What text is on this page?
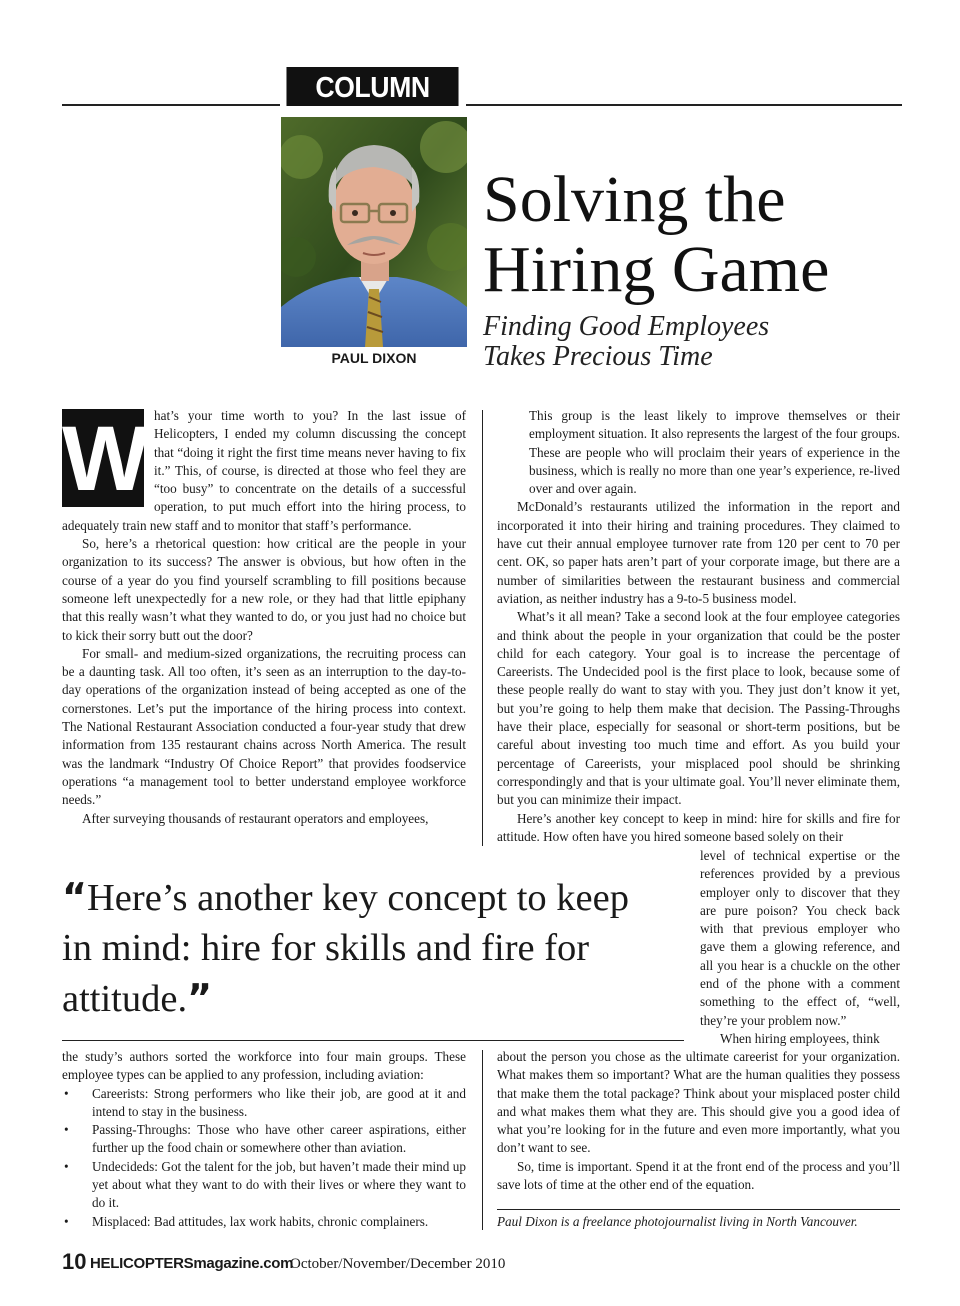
COLUMN
PAUL DIXON
Solving the
Hiring Game
Finding Good Employees
Takes Precious Time
W hat’s your time worth to you? In the last issue of Helicopters, I ended my column discussing the concept that “doing it right the first time means never having to fix it.” This, of course, is directed at those who feel they are “too busy” to concentrate on the details of a successful operation, to put much effort into the hiring process, to adequately train new staff and to monitor that staff’s performance.

So, here’s a rhetorical question: how critical are the people in your organization to its success? The answer is obvious, but how often in the course of a year do you find yourself scrambling to fill positions because someone left unexpectedly for a new role, or they had that little epiphany that this really wasn’t what they wanted to do, or you just had no choice but to kick their sorry butt out the door?

For small- and medium-sized organizations, the recruiting process can be a daunting task. All too often, it’s seen as an interruption to the day-to-day operations of the organization instead of being accepted as one of the cornerstones. Let’s put the importance of the hiring process into context. The National Restaurant Association conducted a four-year study that drew information from 135 restaurant chains across North America. The result was the landmark “Industry Of Choice Report” that provides foodservice operations “a management tool to better understand employee workforce needs.”

After surveying thousands of restaurant operators and employees,

This group is the least likely to improve themselves or their employment situation. It also represents the largest of the four groups. These are people who will proclaim their years of experience in the business, which is really no more than one year’s experience, re-lived over and over again.

McDonald’s restaurants utilized the information in the report and incorporated it into their hiring and training procedures. They claimed to have cut their annual employee turnover rate from 120 per cent to 70 per cent. OK, so paper hats aren’t part of your corporate image, but there are a number of similarities between the restaurant business and commercial aviation, as neither industry has a 9-to-5 business model.

What’s it all mean? Take a second look at the four employee categories and think about the people in your organization that could be the poster child for each category. Your goal is to increase the percentage of Careerists. The Undecided pool is the first place to look, because some of these people really do want to stay with you. They just don’t know it yet, but you’re going to help them make that decision. The Passing-Throughs have their place, especially for seasonal or short-term positions, but be careful about investing too much time and effort. As you build your percentage of Careerists, your misplaced pool should be shrinking correspondingly and that is your ultimate goal. You’ll never eliminate them, but you can minimize their impact.

Here’s another key concept to keep in mind: hire for skills and fire for attitude. How often have you hired someone based solely on their

level of technical expertise or the references provided by a previous employer only to discover that they are pure poison? You check back with that previous employer who gave them a glowing reference, and all you hear is a chuckle on the other end of the phone with a comment something to the effect of, “well, they’re your problem now.”

When hiring employees, think

“Here’s another key concept to keep in mind: hire for skills and fire for attitude.”

the study’s authors sorted the workforce into four main groups. These employee types can be applied to any profession, including aviation:

• Careerists: Strong performers who like their job, are good at it and intend to stay in the business.
• Passing-Throughs: Those who have other career aspirations, either further up the food chain or somewhere other than aviation.
• Undecideds: Got the talent for the job, but haven’t made their mind up yet about what they want to do with their lives or where they want to do it.
• Misplaced: Bad attitudes, lax work habits, chronic complainers.

about the person you chose as the ultimate careerist for your organization. What makes them so important? What are the human qualities they possess that make them the total package? Think about your misplaced poster child and what makes them what they are. This should give you a good idea of what you’re looking for in the future and even more importantly, what you don’t want to see.

So, time is important. Spend it at the front end of the process and you’ll save lots of time at the other end of the equation.

Paul Dixon is a freelance photojournalist living in North Vancouver.
10 HELICOPTERSmagazine.com
October/November/December 2010
